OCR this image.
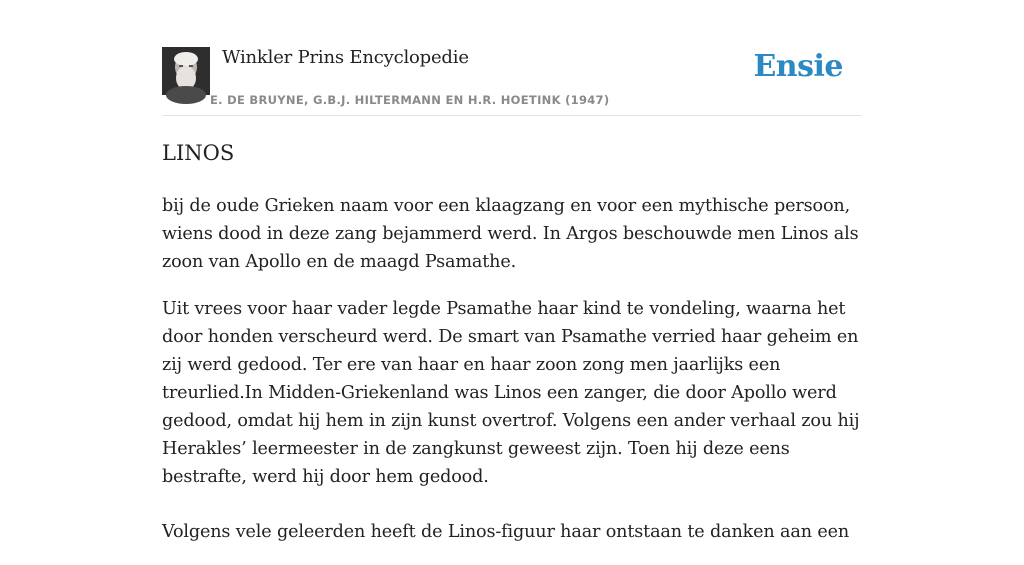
Winkler Prins Encyclopedie
E. DE BRUYNE, G.B.J. HILTERMANN EN H.R. HOETINK (1947)
Ensie
LINOS

bij de oude Grieken naam voor een klaagzang en voor een mythische persoon, wiens dood in deze zang bejammerd werd. In Argos beschouwde men Linos als zoon van Apollo en de maagd Psamathe.

Uit vrees voor haar vader legde Psamathe haar kind te vondeling, waarna het door honden verscheurd werd. De smart van Psamathe verried haar geheim en zij werd gedood. Ter ere van haar en haar zoon zong men jaarlijks een treurlied.In Midden-Griekenland was Linos een zanger, die door Apollo werd gedood, omdat hij hem in zijn kunst overtrof. Volgens een ander verhaal zou hij Herakles’ leermeester in de zangkunst geweest zijn. Toen hij deze eens bestrafte, werd hij door hem gedood.

Volgens vele geleerden heeft de Linos-figuur haar ontstaan te danken aan een
